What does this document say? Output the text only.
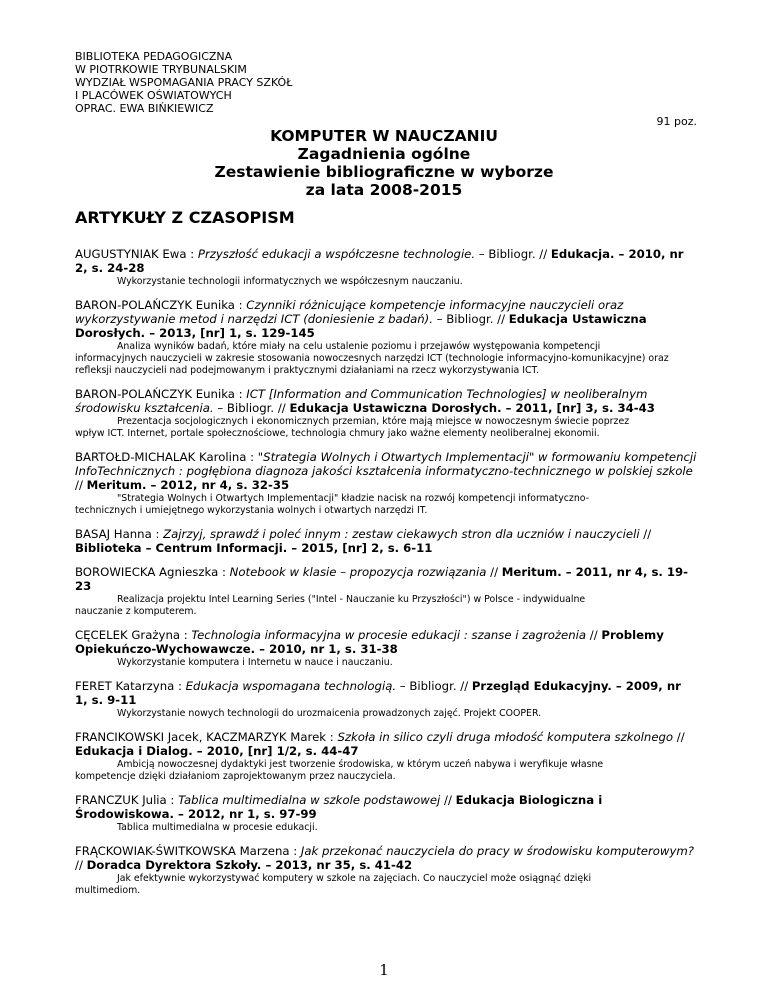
BIBLIOTEKA PEDAGOGICZNA
W PIOTRKOWIE TRYBUNALSKIM
WYDZIAŁ WSPOMAGANIA PRACY SZKÓŁ
I PLACÓWEK OŚWIATOWYCH
OPRAC. EWA BIŃKIEWICZ
91 poz.
KOMPUTER W NAUCZANIU
Zagadnienia ogólne
Zestawienie bibliograficzne w wyborze
za lata 2008-2015
ARTYKUŁY Z CZASOPISM
AUGUSTYNIAK Ewa : Przyszłość edukacji a współczesne technologie. – Bibliogr. // Edukacja. – 2010, nr 2, s. 24-28
Wykorzystanie technologii informatycznych we współczesnym nauczaniu.
BARON-POLAŃCZYK Eunika : Czynniki różnicujące kompetencje informacyjne nauczycieli oraz wykorzystywanie metod i narzędzi ICT (doniesienie z badań). – Bibliogr. // Edukacja Ustawiczna Dorosłych. – 2013, [nr] 1, s. 129-145
Analiza wyników badań, które miały na celu ustalenie poziomu i przejawów występowania kompetencji
informacyjnych nauczycieli w zakresie stosowania nowoczesnych narzędzi ICT (technologie informacyjno-komunikacyjne) oraz refleksji nauczycieli nad podejmowanym i praktycznymi działaniami na rzecz wykorzystywania ICT.
BARON-POLAŃCZYK Eunika : ICT [Information and Communication Technologies] w neoliberalnym środowisku kształcenia. – Bibliogr. // Edukacja Ustawiczna Dorosłych. – 2011, [nr] 3, s. 34-43
Prezentacja socjologicznych i ekonomicznych przemian, które mają miejsce w nowoczesnym świecie poprzez
wpływ ICT. Internet, portale społecznościowe, technologia chmury jako ważne elementy neoliberalnej ekonomii.
BARTOŁD-MICHALAK Karolina : "Strategia Wolnych i Otwartych Implementacji" w formowaniu kompetencji InfoTechnicznych : pogłębiona diagnoza jakości kształcenia informatyczno-technicznego w polskiej szkole // Meritum. – 2012, nr 4, s. 32-35
"Strategia Wolnych i Otwartych Implementacji" kładzie nacisk na rozwój kompetencji informatyczno-
technicznych i umiejętnego wykorzystania wolnych i otwartych narzędzi IT.
BASAJ Hanna : Zajrzyj, sprawdź i poleć innym : zestaw ciekawych stron dla uczniów i nauczycieli // Biblioteka – Centrum Informacji. – 2015, [nr] 2, s. 6-11
BOROWIECKA Agnieszka : Notebook w klasie – propozycja rozwiązania // Meritum. – 2011, nr 4, s. 19-23
Realizacja projektu Intel Learning Series ("Intel - Nauczanie ku Przyszłości") w Polsce - indywidualne
nauczanie z komputerem.
CĘCELEK Grażyna : Technologia informacyjna w procesie edukacji : szanse i zagrożenia // Problemy Opiekuńczo-Wychowawcze. – 2010, nr 1, s. 31-38
Wykorzystanie komputera i Internetu w nauce i nauczaniu.
FERET Katarzyna : Edukacja wspomagana technologią. – Bibliogr. // Przegląd Edukacyjny. – 2009, nr 1, s. 9-11
Wykorzystanie nowych technologii do urozmaicenia prowadzonych zajęć. Projekt COOPER.
FRANCIKOWSKI Jacek, KACZMARZYK Marek : Szkoła in silico czyli druga młodość komputera szkolnego // Edukacja i Dialog. – 2010, [nr] 1/2, s. 44-47
Ambicją nowoczesnej dydaktyki jest tworzenie środowiska, w którym uczeń nabywa i weryfikuje własne
kompetencje dzięki działaniom zaprojektowanym przez nauczyciela.
FRANCZUK Julia : Tablica multimedialna w szkole podstawowej // Edukacja Biologiczna i Środowiskowa. – 2012, nr 1, s. 97-99
Tablica multimedialna w procesie edukacji.
FRĄCKOWIAK-ŚWITKOWSKA Marzena : Jak przekonać nauczyciela do pracy w środowisku komputerowym? // Doradca Dyrektora Szkoły. – 2013, nr 35, s. 41-42
Jak efektywnie wykorzystywać komputery w szkole na zajęciach. Co nauczyciel może osiągnąć dzięki
multimediom.
1
